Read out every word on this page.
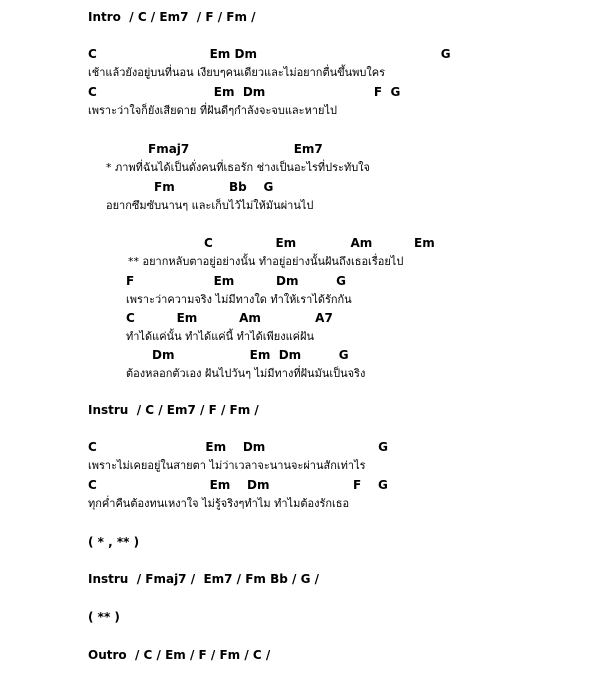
Intro  / C / Em7  / F / Fm /
C                           Em Dm                                            G
เช้าแล้วยังอยู่บนที่นอน เงียบๆคนเดียวและไม่อยากตื่นขึ้นพบใคร
C                            Em  Dm                          F  G
เพราะว่าใจก็ยังเสียดาย ที่ฝันดีๆกำลังจะจบและหายไป
Fmaj7                         Em7
* ภาพที่ฉันได้เป็นดั่งคนที่เธอรัก ช่างเป็นอะไรที่ประทับใจ
Fm             Bb    G
อยากซึมซับนานๆ และเก็บไว้ไม่ให้มันผ่านไป
C               Em             Am          Em
** อยากหลับตาอยู่อย่างนั้น ทำอยู่อย่างนั้นฝันถึงเธอเรื่อยไป
F                   Em          Dm         G
เพราะว่าความจริง ไม่มีทางใด ทำให้เราได้รักกัน
C          Em          Am             A7
ทำได้แค่นั้น ทำได้แค่นี้ ทำได้เพียงแค่ฝัน
Dm                  Em  Dm         G
ต้องหลอกตัวเอง ฝันไปวันๆ ไม่มีทางที่ฝันมันเป็นจริง
Instru  / C / Em7 / F / Fm /
C                          Em    Dm                           G
เพราะไม่เคยอยู่ในสายตา ไม่ว่าเวลาจะนานจะผ่านสักเท่าไร
C                           Em    Dm                    F    G
ทุกค่ำคืนต้องทนเหงาใจ ไม่รู้จริงๆทำไม ทำไมต้องรักเธอ
( * , ** )
Instru  / Fmaj7 /  Em7 / Fm Bb / G /
( ** )
Outro  / C / Em / F / Fm / C /
